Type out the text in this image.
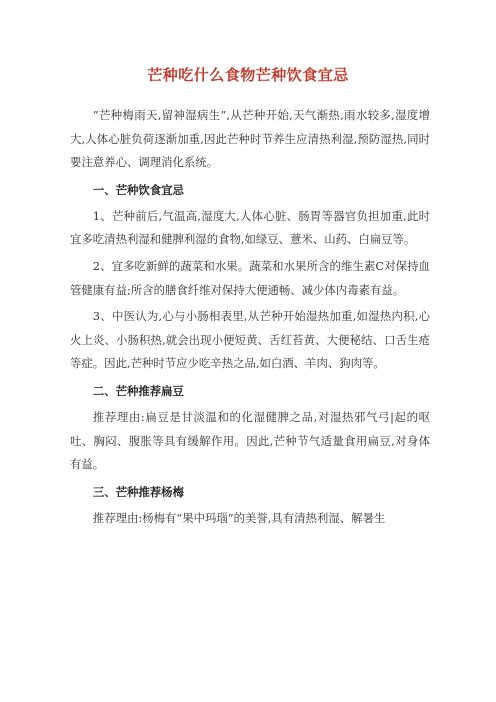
芒种吃什么食物芒种饮食宜忌

”芒种梅雨天,留神湿病生”,从芒种开始,天气渐热,雨水较多,湿度增大,人体心脏负荷逐渐加重,因此芒种时节养生应清热利湿,预防湿热,同时要注意养心、调理消化系统。

一、芒种饮食宜忌

1、芒种前后,气温高,湿度大,人体心脏、肠胃等器官负担加重,此时宜多吃清热利湿和健脾利湿的食物,如绿豆、薏米、山药、白扁豆等。

2、宜多吃新鲜的蔬菜和水果。蔬菜和水果所含的维生素C对保持血管健康有益;所含的膳食纤维对保持大便通畅、减少体内毒素有益。

3、中医认为,心与小肠相表里,从芒种开始湿热加重,如湿热内积,心火上炎、小肠积热,就会出现小便短黄、舌红苔黄、大便秘结、口舌生疮等症。因此,芒种时节应少吃辛热之品,如白酒、羊肉、狗肉等。

二、芒种推荐扁豆

推荐理由:扁豆是甘淡温和的化湿健脾之品,对湿热邪气弓|起的呕吐、胸闷、腹胀等具有缓解作用。因此,芒种节气适量食用扁豆,对身体有益。

三、芒种推荐杨梅

推荐理由:杨梅有“果中玛瑙”的美誉,具有清热利湿、解暑生
